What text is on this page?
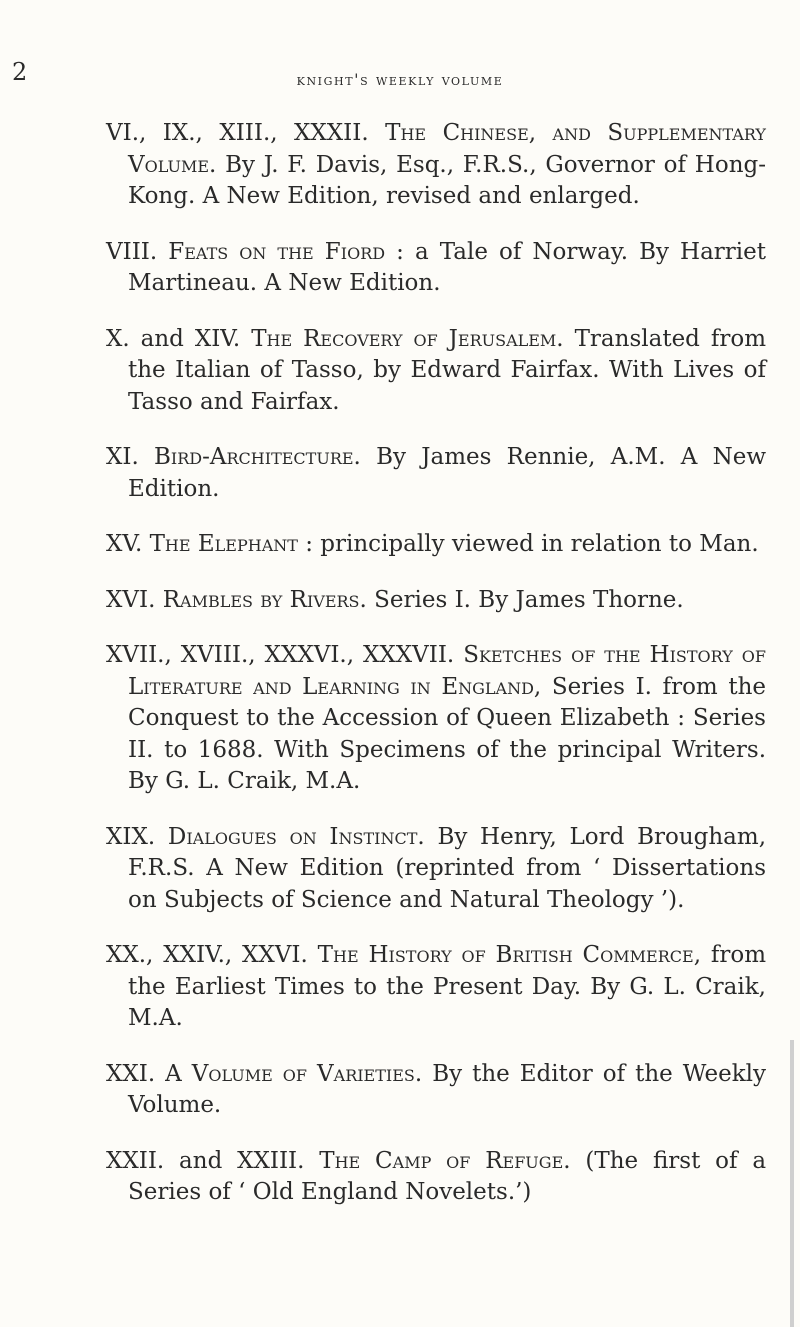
2	knight's weekly volume

VI., IX., XIII., XXXII. The Chinese, and Supplementary Volume. By J. F. Davis, Esq., F.R.S., Governor of Hong-Kong. A New Edition, revised and enlarged.

VIII. Feats on the Fiord : a Tale of Norway. By Harriet Martineau. A New Edition.

X. and XIV. The Recovery of Jerusalem. Translated from the Italian of Tasso, by Edward Fairfax. With Lives of Tasso and Fairfax.

XI. Bird-Architecture. By James Rennie, A.M. A New Edition.

XV. The Elephant : principally viewed in relation to Man.

XVI. Rambles by Rivers. Series I. By James Thorne.

XVII., XVIII., XXXVI., XXXVII. Sketches of the History of Literature and Learning in England, Series I. from the Conquest to the Accession of Queen Elizabeth : Series II. to 1688. With Specimens of the principal Writers. By G. L. Craik, M.A.

XIX. Dialogues on Instinct. By Henry, Lord Brougham, F.R.S. A New Edition (reprinted from ‘ Dissertations on Subjects of Science and Natural Theology ’).

XX., XXIV., XXVI. The History of British Commerce, from the Earliest Times to the Present Day. By G. L. Craik, M.A.

XXI. A Volume of Varieties. By the Editor of the Weekly Volume.

XXII. and XXIII. The Camp of Refuge. (The first of a Series of ‘ Old England Novelets.’)
